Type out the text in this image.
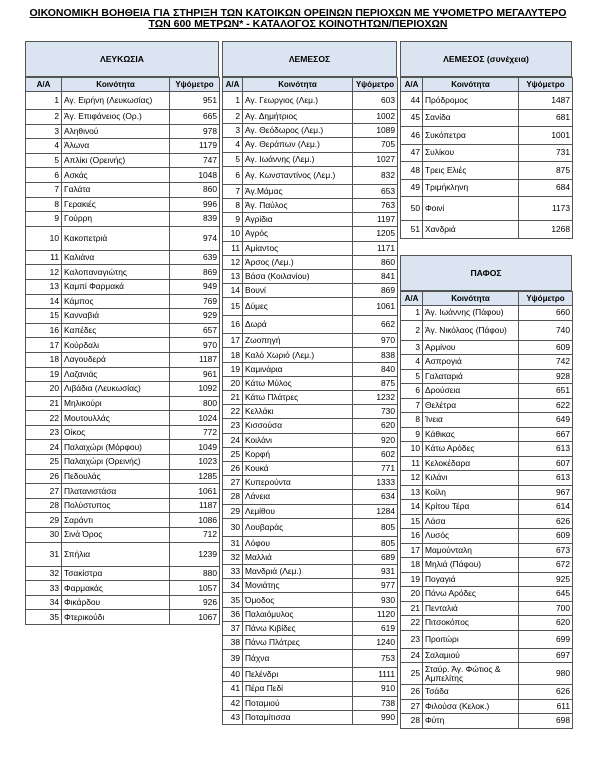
ΟΙΚΟΝΟΜΙΚΗ ΒΟΗΘΕΙΑ ΓΙΑ ΣΤΗΡΙΞΗ ΤΩΝ ΚΑΤΟΙΚΩΝ ΟΡΕΙΝΩΝ ΠΕΡΙΟΧΩΝ ΜΕ ΥΨΟΜΕΤΡΟ ΜΕΓΑΛΥΤΕΡΟ
ΤΩΝ 600 ΜΕΤΡΩΝ* - ΚΑΤΑΛΟΓΟΣ ΚΟΙΝΟΤΗΤΩΝ/ΠΕΡΙΟΧΩΝ
ΛΕΥΚΩΣΙΑ
Α/Α	Κοινότητα	Υψόμετρο
1	Αγ. Ειρήνη (Λευκωσίας)	951
2	Άγ. Επιφάνειος (Ορ.)	665
3	Αληθινού	978
4	Άλωνα	1179
5	Απλίκι (Ορεινής)	747
6	Ασκάς	1048
7	Γαλάτα	860
8	Γερακιές	996
9	Γούρρη	839
10	Κακοπετριά	974
11	Καλιάνα	639
12	Καλοπαναγιώτης	869
13	Καμπί Φαρμακά	949
14	Κάμπος	769
15	Κανναβιά	929
16	Καπέδες	657
17	Κούρδαλι	970
18	Λαγουδερά	1187
19	Λαζανιάς	961
20	Λιβάδια (Λευκωσίας)	1092
21	Μηλικούρι	800
22	Μουτουλλάς	1024
23	Οίκος	772
24	Παλαιχώρι (Μόρφου)	1049
25	Παλαιχώρι (Ορεινής)	1023
26	Πεδουλάς	1285
27	Πλατανιστάσα	1061
28	Πολύστυπος	1187
29	Σαράντι	1086
30	Σινά Όρος	712
31	Σπήλια	1239
32	Τσακίστρα	880
33	Φαρμακάς	1057
34	Φικάρδου	926
35	Φτερικούδι	1067
ΛΕΜΕΣΟΣ
Α/Α	Κοινότητα	Υψόμετρο
1	Αγ. Γεωργιος (Λεμ.)	603
2	Αγ. Δημήτριος	1002
3	Αγ. Θεόδωρος (Λεμ.)	1089
4	Αγ. Θεράπων (Λεμ.)	705
5	Αγ. Ιωάννης (Λεμ.)	1027
6	Αγ. Κωνσταντίνος (Λεμ.)	832
7	Άγ.Μάμας	653
8	Άγ. Παύλος	763
9	Αγρίδια	1197
10	Αγρός	1205
11	Αμίαντος	1171
12	Άρσος (Λεμ.)	860
13	Βάσα (Κοιλανίου)	841
14	Βουνί	869
15	Δύμες	1061
16	Δωρά	662
17	Ζωοπηγή	970
18	Καλό Χωριό (Λεμ.)	838
19	Καμινάρια	840
20	Κάτω Μύλος	875
21	Κάτω Πλάτρες	1232
22	Κελλάκι	730
23	Κισσούσα	620
24	Κοιλάνι	920
25	Κορφή	602
26	Κουκά	771
27	Κυπερούντα	1333
28	Λάνεια	634
29	Λεμίθου	1284
30	Λουβαράς	805
31	Λόφου	805
32	Μαλλιά	689
33	Μανδριά (Λεμ.)	931
34	Μονιάτης	977
35	Όμοδος	930
36	Παλαιόμυλος	1120
37	Πάνω Κιβίδες	619
38	Πάνω Πλάτρες	1240
39	Πάχνα	753
40	Πελένδρι	1111
41	Πέρα Πεδί	910
42	Ποταμιού	738
43	Ποταμίτισσα	990
ΛΕΜΕΣΟΣ (συνέχεια)
Α/Α	Κοινότητα	Υψόμετρο
44	Πρόδρομος	1487
45	Σανίδα	681
46	Συκόπετρα	1001
47	Συλίκου	731
48	Τρεις Ελιές	875
49	Τριμήκληνη	684
50	Φοινί	1173
51	Χανδριά	1268
ΠΑΦΟΣ
Α/Α	Κοινότητα	Υψόμετρο
1	Άγ. Ιωάννης (Πάφου)	660
2	Άγ. Νικόλαος (Πάφου)	740
3	Αρμίνου	609
4	Ασπρογιά	742
5	Γαλαταριά	928
6	Δρούσεια	651
7	Θελέτρα	622
8	Ίνεια	649
9	Κάθικας	667
10	Κάτω Αρόδες	613
11	Κελοκέδαρα	607
12	Κιλάνι	613
13	Κοίλη	967
14	Κρίτου Τέρα	614
15	Λάσα	626
16	Λυσός	609
17	Μαμούνταλη	673
18	Μηλιά (Πάφου)	672
19	Πογαγιά	925
20	Πάνω Αρόδες	645
21	Πενταλιά	700
22	Πιτσοκόπος	620
23	Προιτώρι	699
24	Σαλαμιού	697
25	Σταύρ. Άγ. Φώτιος & Αμπελίτης	980
26	Τσάδα	626
27	Φιλούσα (Κελοκ.)	611
28	Φύτη	698
